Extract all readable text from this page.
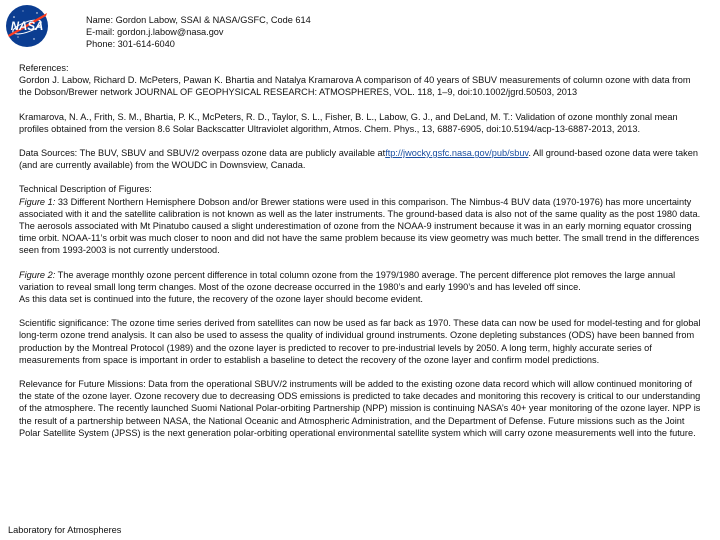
NASA
Name: Gordon Labow, SSAI & NASA/GSFC, Code 614
E-mail: gordon.j.labow@nasa.gov
Phone: 301-614-6040

References:

Gordon J. Labow, Richard D. McPeters, Pawan K. Bhartia and Natalya Kramarova A comparison of 40 years of SBUV measurements of column ozone with data from the Dobson/Brewer network JOURNAL OF GEOPHYSICAL RESEARCH: ATMOSPHERES, VOL. 118, 1–9, doi:10.1002/jgrd.50503, 2013

Kramarova, N. A., Frith, S. M., Bhartia, P. K., McPeters, R. D., Taylor, S. L., Fisher, B. L., Labow, G. J., and DeLand, M. T.: Validation of ozone monthly zonal mean profiles obtained from the version 8.6 Solar Backscatter Ultraviolet algorithm, Atmos. Chem. Phys., 13, 6887-6905, doi:10.5194/acp-13-6887-2013, 2013.

Data Sources: The BUV, SBUV and SBUV/2 overpass ozone data are publicly available atftp://jwocky.gsfc.nasa.gov/pub/sbuv. All ground-based ozone data were taken (and are currently available) from the WOUDC in Downsview, Canada.

Technical Description of Figures:

Figure 1: 33 Different Northern Hemisphere Dobson and/or Brewer stations were used in this comparison. The Nimbus-4 BUV data (1970-1976) has more uncertainty associated with it and the satellite calibration is not known as well as the later instruments. The ground-based data is also not of the same quality as the post 1980 data. The aerosols associated with Mt Pinatubo caused a slight underestimation of ozone from the NOAA-9 instrument because it was in an early morning equator crossing time orbit. NOAA-11’s orbit was much closer to noon and did not have the same problem because its view geometry was much better. The small trend in the differences seen from 1993-2003 is not currently understood.

Figure 2: The average monthly ozone percent difference in total column ozone from the 1979/1980 average. The percent difference plot removes the large annual variation to reveal small long term changes. Most of the ozone decrease occurred in the 1980’s and early 1990’s and has leveled off since.

As this data set is continued into the future, the recovery of the ozone layer should become evident.

Scientific significance: The ozone time series derived from satellites can now be used as far back as 1970. These data can now be used for model-testing and for global long-term ozone trend analysis. It can also be used to assess the quality of individual ground instruments. Ozone depleting substances (ODS) have been banned from production by the Montreal Protocol (1989) and the ozone layer is predicted to recover to pre-industrial levels by 2050. A long term, highly accurate series of measurements from space is important in order to establish a baseline to detect the recovery of the ozone layer and confirm model predictions.

Relevance for Future Missions: Data from the operational SBUV/2 instruments will be added to the existing ozone data record which will allow continued monitoring of the state of the ozone layer. Ozone recovery due to decreasing ODS emissions is predicted to take decades and monitoring this recovery is critical to our understanding of the atmosphere. The recently launched Suomi National Polar-orbiting Partnership (NPP) mission is continuing NASA’s 40+ year monitoring of the ozone layer. NPP is the result of a partnership between NASA, the National Oceanic and Atmospheric Administration, and the Department of Defense. Future missions such as the Joint Polar Satellite System (JPSS) is the next generation polar-orbiting operational environmental satellite system which will carry ozone measurements well into the future.

Laboratory for Atmospheres
